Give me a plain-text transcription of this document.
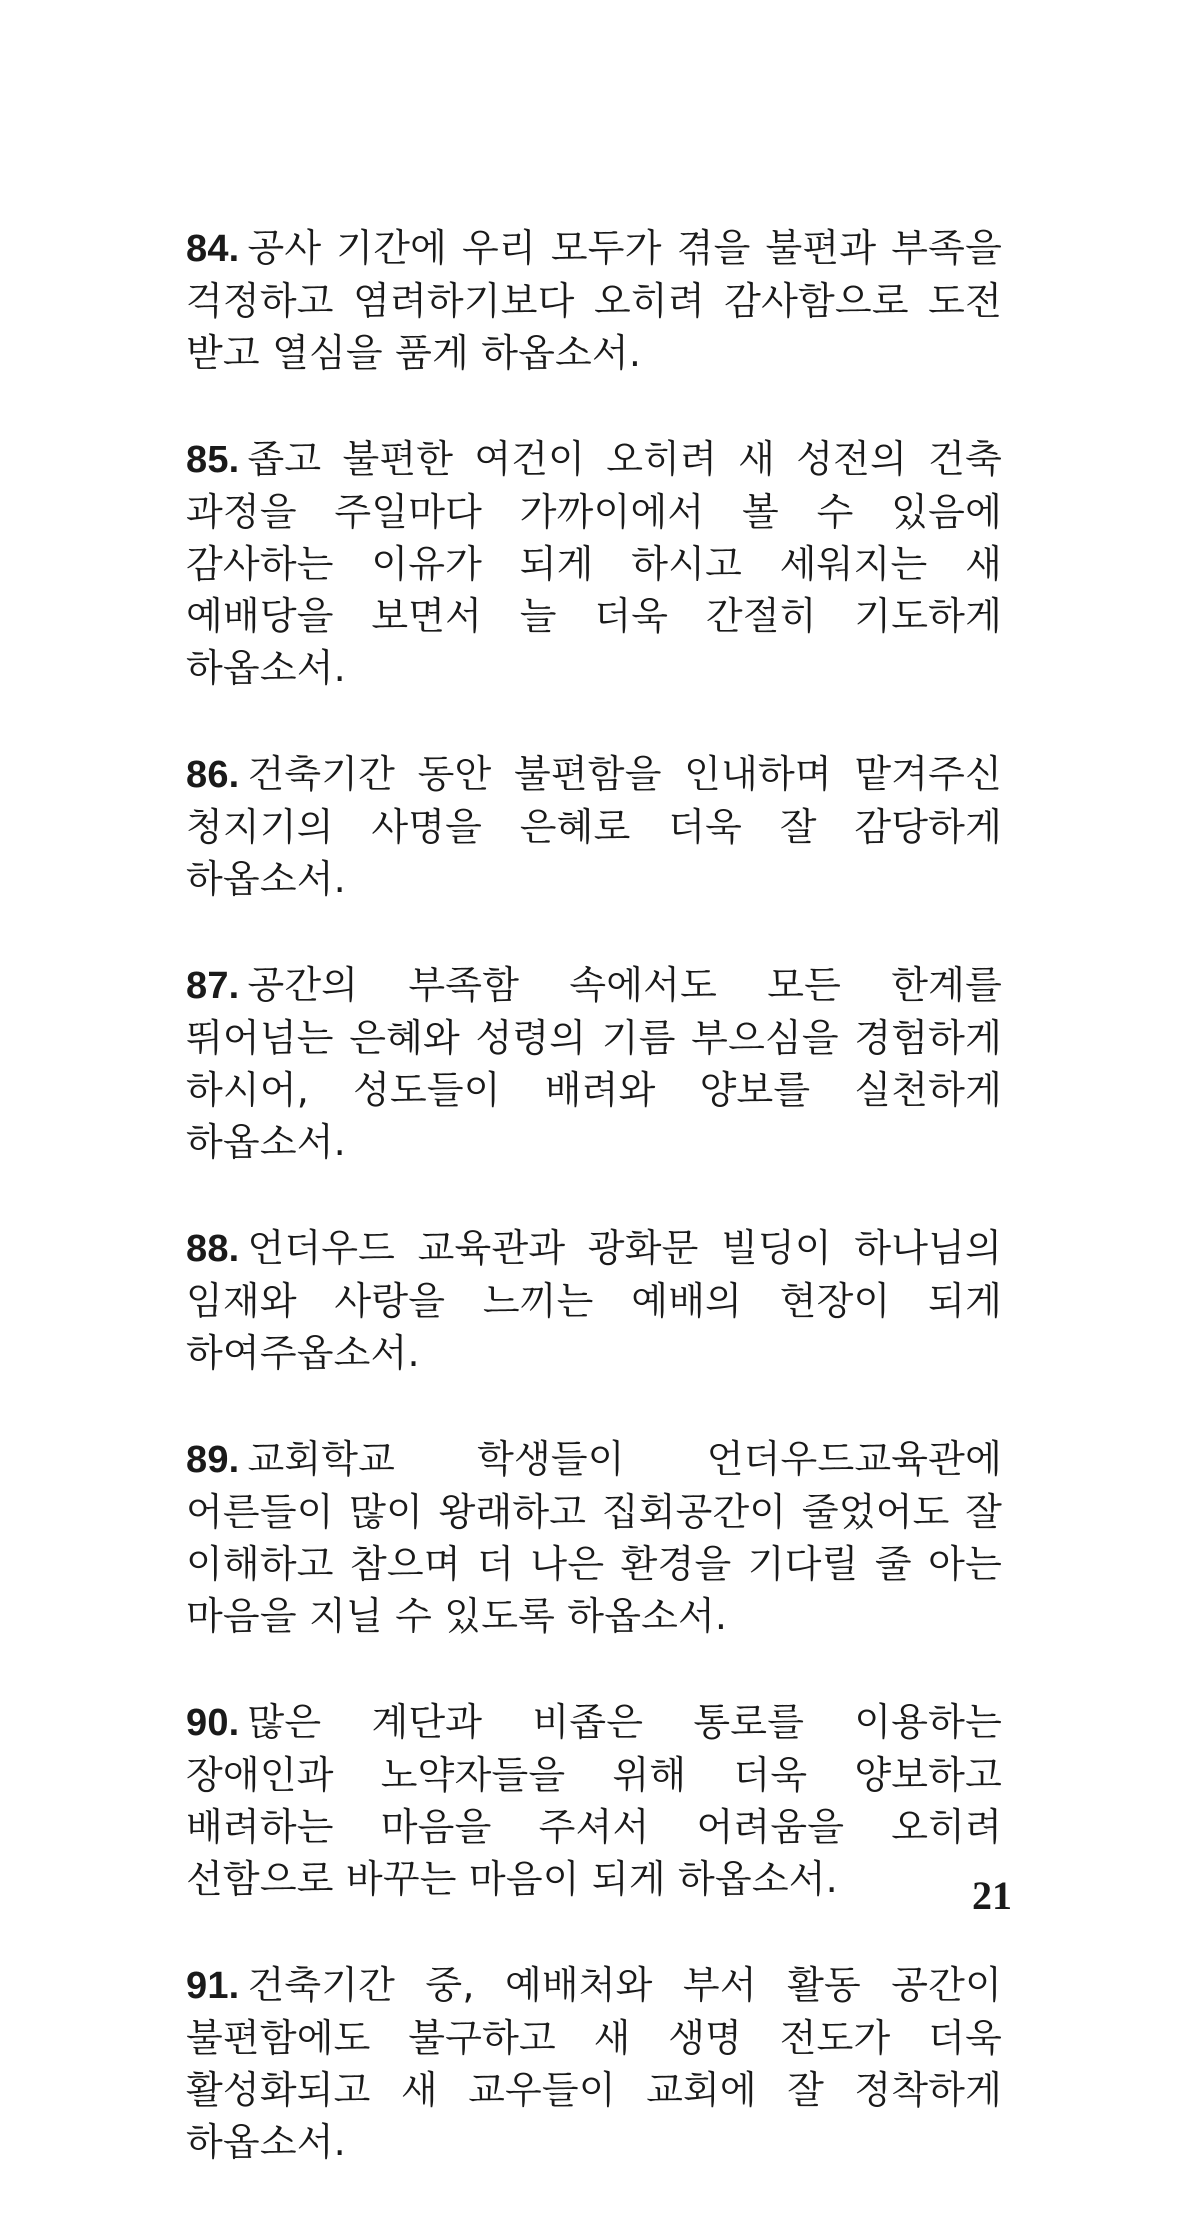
84. 공사 기간에 우리 모두가 겪을 불편과 부족을 걱정하고 염려하기보다 오히려 감사함으로 도전 받고 열심을 품게 하옵소서.

85. 좁고 불편한 여건이 오히려 새 성전의 건축 과정을 주일마다 가까이에서 볼 수 있음에 감사하는 이유가 되게 하시고 세워지는 새 예배당을 보면서 늘 더욱 간절히 기도하게 하옵소서.

86. 건축기간 동안 불편함을 인내하며 맡겨주신 청지기의 사명을 은혜로 더욱 잘 감당하게 하옵소서.

87. 공간의 부족함 속에서도 모든 한계를 뛰어넘는 은혜와 성령의 기름 부으심을 경험하게 하시어, 성도들이 배려와 양보를 실천하게 하옵소서.

88. 언더우드 교육관과 광화문 빌딩이 하나님의 임재와 사랑을 느끼는 예배의 현장이 되게 하여주옵소서.

89. 교회학교 학생들이 언더우드교육관에 어른들이 많이 왕래하고 집회공간이 줄었어도 잘 이해하고 참으며 더 나은 환경을 기다릴 줄 아는 마음을 지닐 수 있도록 하옵소서.

90. 많은 계단과 비좁은 통로를 이용하는 장애인과 노약자들을 위해 더욱 양보하고 배려하는 마음을 주셔서 어려움을 오히려 선함으로 바꾸는 마음이 되게 하옵소서.

91. 건축기간 중, 예배처와 부서 활동 공간이 불편함에도 불구하고 새 생명 전도가 더욱 활성화되고 새 교우들이 교회에 잘 정착하게 하옵소서.

21
